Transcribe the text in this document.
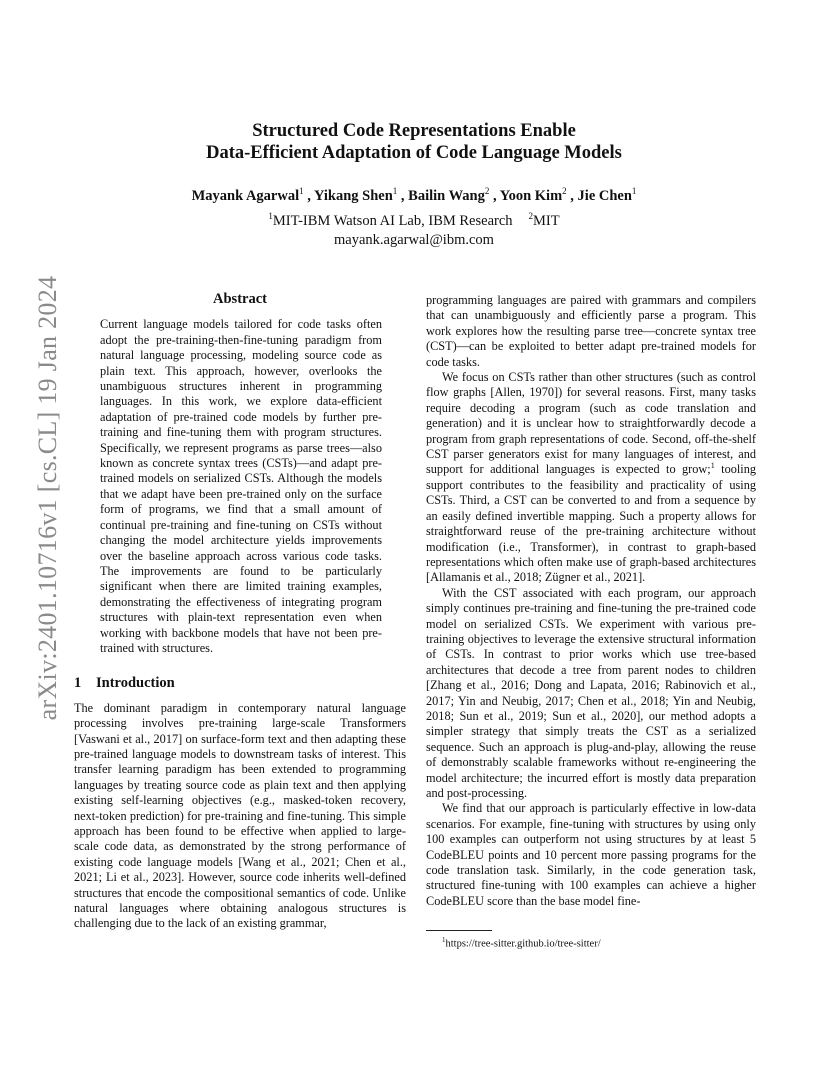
arXiv:2401.10716v1 [cs.CL] 19 Jan 2024
Structured Code Representations Enable
Data-Efficient Adaptation of Code Language Models
Mayank Agarwal$^1$ , Yikang Shen$^1$ , Bailin Wang$^2$ , Yoon Kim$^2$ , Jie Chen$^1$
$^1$MIT-IBM Watson AI Lab, IBM Research $^2$MIT
mayank.agarwal@ibm.com
Abstract

Current language models tailored for code tasks often adopt the pre-training-then-fine-tuning paradigm from natural language processing, modeling source code as plain text. This approach, however, overlooks the unambiguous structures inherent in programming languages. In this work, we explore data-efficient adaptation of pre-trained code models by further pre-training and fine-tuning them with program structures. Specifically, we represent programs as parse trees—also known as concrete syntax trees (CSTs)—and adapt pre-trained models on serialized CSTs. Although the models that we adapt have been pre-trained only on the surface form of programs, we find that a small amount of continual pre-training and fine-tuning on CSTs without changing the model architecture yields improvements over the baseline approach across various code tasks. The improvements are found to be particularly significant when there are limited training examples, demonstrating the effectiveness of integrating program structures with plain-text representation even when working with backbone models that have not been pre-trained with structures.

1 Introduction

The dominant paradigm in contemporary natural language processing involves pre-training large-scale Transformers [Vaswani et al., 2017] on surface-form text and then adapting these pre-trained language models to downstream tasks of interest. This transfer learning paradigm has been extended to programming languages by treating source code as plain text and then applying existing self-learning objectives (e.g., masked-token recovery, next-token prediction) for pre-training and fine-tuning. This simple approach has been found to be effective when applied to large-scale code data, as demonstrated by the strong performance of existing code language models [Wang et al., 2021; Chen et al., 2021; Li et al., 2023]. However, source code inherits well-defined structures that encode the compositional semantics of code. Unlike natural languages where obtaining analogous structures is challenging due to the lack of an existing grammar,

programming languages are paired with grammars and compilers that can unambiguously and efficiently parse a program. This work explores how the resulting parse tree—concrete syntax tree (CST)—can be exploited to better adapt pre-trained models for code tasks.

We focus on CSTs rather than other structures (such as control flow graphs [Allen, 1970]) for several reasons. First, many tasks require decoding a program (such as code translation and generation) and it is unclear how to straightforwardly decode a program from graph representations of code. Second, off-the-shelf CST parser generators exist for many languages of interest, and support for additional languages is expected to grow;$^1$ tooling support contributes to the feasibility and practicality of using CSTs. Third, a CST can be converted to and from a sequence by an easily defined invertible mapping. Such a property allows for straightforward reuse of the pre-training architecture without modification (i.e., Transformer), in contrast to graph-based representations which often make use of graph-based architectures [Allamanis et al., 2018; Zügner et al., 2021].

With the CST associated with each program, our approach simply continues pre-training and fine-tuning the pre-trained code model on serialized CSTs. We experiment with various pre-training objectives to leverage the extensive structural information of CSTs. In contrast to prior works which use tree-based architectures that decode a tree from parent nodes to children [Zhang et al., 2016; Dong and Lapata, 2016; Rabinovich et al., 2017; Yin and Neubig, 2017; Chen et al., 2018; Yin and Neubig, 2018; Sun et al., 2019; Sun et al., 2020], our method adopts a simpler strategy that simply treats the CST as a serialized sequence. Such an approach is plug-and-play, allowing the reuse of demonstrably scalable frameworks without re-engineering the model architecture; the incurred effort is mostly data preparation and post-processing.

We find that our approach is particularly effective in low-data scenarios. For example, fine-tuning with structures by using only 100 examples can outperform not using structures by at least 5 CodeBLEU points and 10 percent more passing programs for the code translation task. Similarly, in the code generation task, structured fine-tuning with 100 examples can achieve a higher CodeBLEU score than the base model fine-

$^1$https://tree-sitter.github.io/tree-sitter/
